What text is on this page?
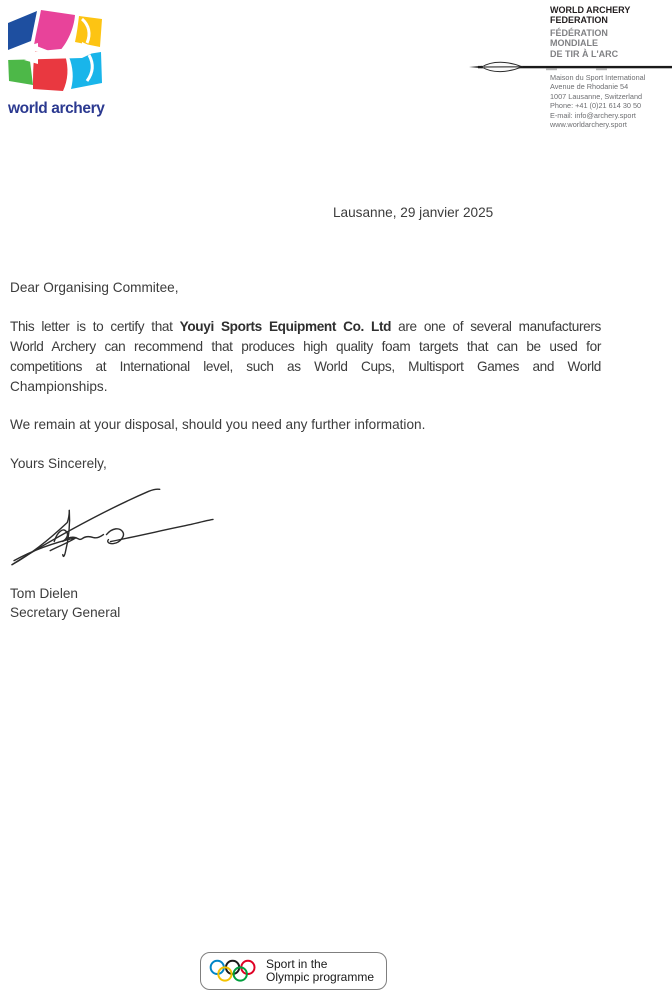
world archery
WORLD ARCHERY
FEDERATION
FÉDÉRATION
MONDIALE
DE TIR À L'ARC
Maison du Sport International
Avenue de Rhodanie 54
1007 Lausanne, Switzerland
Phone: +41 (0)21 614 30 50
E-mail: info@archery.sport
www.worldarchery.sport
Lausanne, 29 janvier 2025

Dear Organising Commitee,

This letter is to certify that Youyi Sports Equipment Co. Ltd are one of several manufacturers
World Archery can recommend that produces high quality foam targets that can be used for
competitions at International level, such as World Cups, Multisport Games and World
Championships.

We remain at your disposal, should you need any further information.

Yours Sincerely,

Tom Dielen
Secretary General
Sport in the
Olympic programme
